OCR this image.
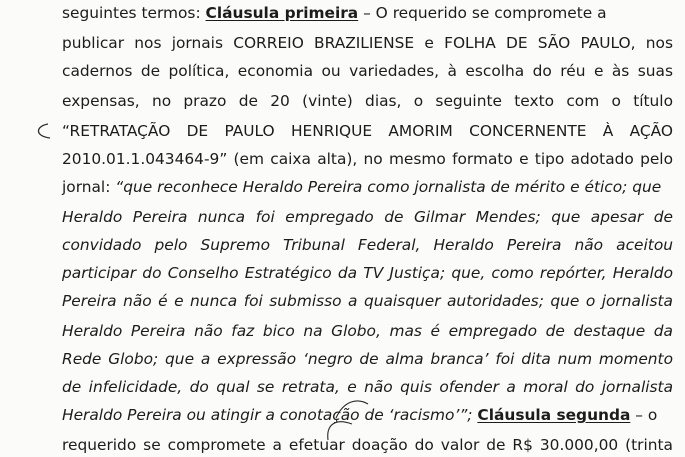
seguintes termos: Cláusula primeira – O requerido se compromete a
publicar nos jornais CORREIO BRAZILIENSE e FOLHA DE SÃO PAULO, nos
cadernos de política, economia ou variedades, à escolha do réu e às suas
expensas, no prazo de 20 (vinte) dias, o seguinte texto com o título
“RETRATAÇÃO DE PAULO HENRIQUE AMORIM CONCERNENTE À AÇÃO
2010.01.1.043464-9” (em caixa alta), no mesmo formato e tipo adotado pelo
jornal: “que reconhece Heraldo Pereira como jornalista de mérito e ético; que
Heraldo Pereira nunca foi empregado de Gilmar Mendes; que apesar de
convidado pelo Supremo Tribunal Federal, Heraldo Pereira não aceitou
participar do Conselho Estratégico da TV Justiça; que, como repórter, Heraldo
Pereira não é e nunca foi submisso a quaisquer autoridades; que o jornalista
Heraldo Pereira não faz bico na Globo, mas é empregado de destaque da
Rede Globo; que a expressão ‘negro de alma branca’ foi dita num momento
de infelicidade, do qual se retrata, e não quis ofender a moral do jornalista
Heraldo Pereira ou atingir a conotação de ‘racismo’”; Cláusula segunda – o
requerido se compromete a efetuar doação do valor de R$ 30.000,00 (trinta
